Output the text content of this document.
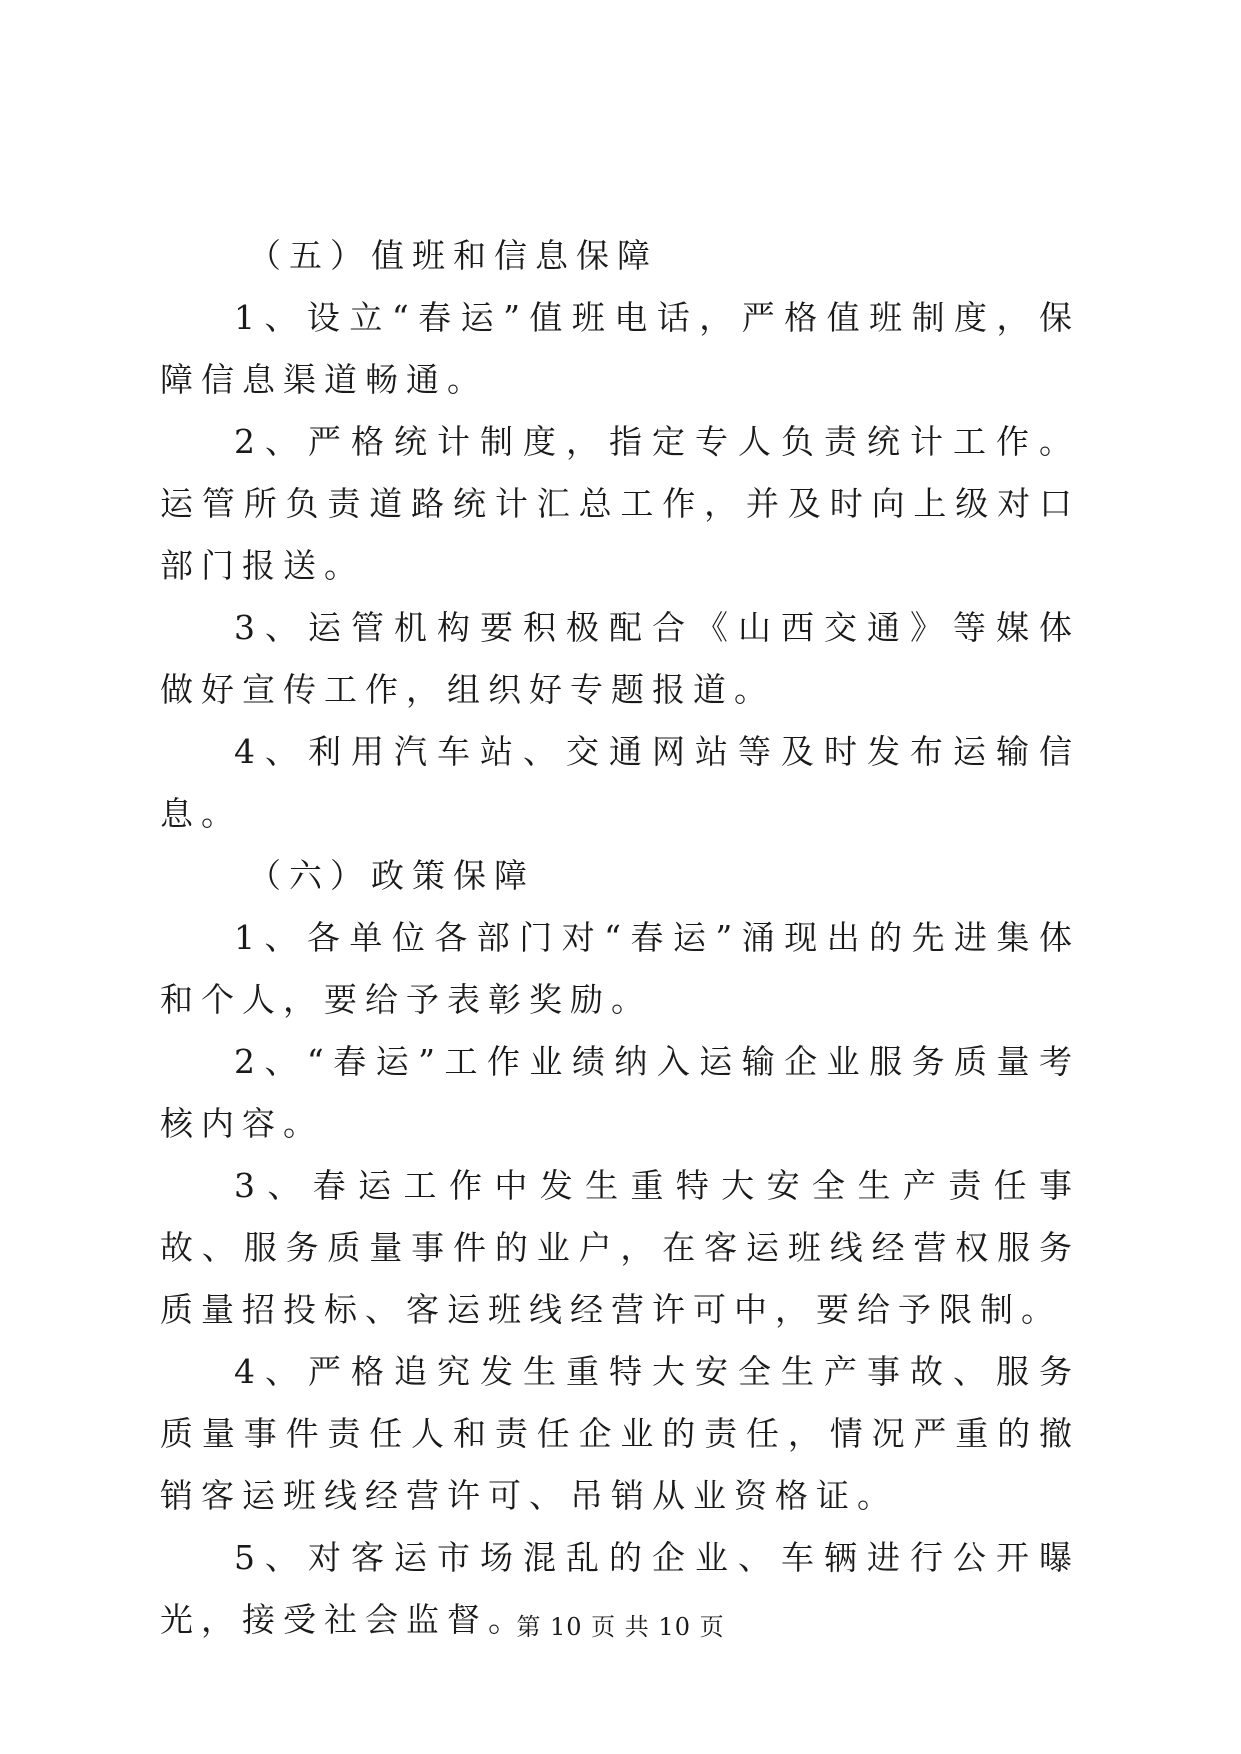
（五）值班和信息保障

1、设立“春运”值班电话，严格值班制度，保障信息渠道畅通。

2、严格统计制度，指定专人负责统计工作。运管所负责道路统计汇总工作，并及时向上级对口部门报送。

3、运管机构要积极配合《山西交通》等媒体做好宣传工作，组织好专题报道。

4、利用汽车站、交通网站等及时发布运输信息。

（六）政策保障

1、各单位各部门对“春运”涌现出的先进集体和个人，要给予表彰奖励。

2、“春运”工作业绩纳入运输企业服务质量考核内容。

3、春运工作中发生重特大安全生产责任事故、服务质量事件的业户，在客运班线经营权服务质量招投标、客运班线经营许可中，要给予限制。

4、严格追究发生重特大安全生产事故、服务质量事件责任人和责任企业的责任，情况严重的撤销客运班线经营许可、吊销从业资格证。

5、对客运市场混乱的企业、车辆进行公开曝光，接受社会监督。

第 10 页 共 10 页
